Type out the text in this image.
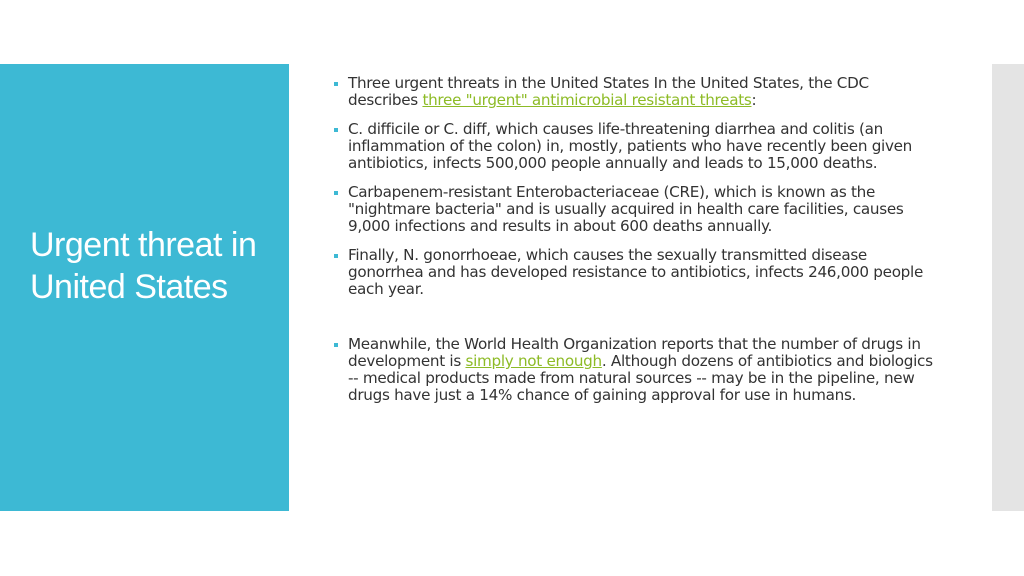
Urgent threat in United States
Three urgent threats in the United States In the United States, the CDC describes three "urgent" antimicrobial resistant threats:
C. difficile or C. diff, which causes life-threatening diarrhea and colitis (an inflammation of the colon) in, mostly, patients who have recently been given antibiotics, infects 500,000 people annually and leads to 15,000 deaths.
Carbapenem-resistant Enterobacteriaceae (CRE), which is known as the "nightmare bacteria" and is usually acquired in health care facilities, causes 9,000 infections and results in about 600 deaths annually.
Finally, N. gonorrhoeae, which causes the sexually transmitted disease gonorrhea and has developed resistance to antibiotics, infects 246,000 people each year.
Meanwhile, the World Health Organization reports that the number of drugs in development is simply not enough. Although dozens of antibiotics and biologics -- medical products made from natural sources -- may be in the pipeline, new drugs have just a 14% chance of gaining approval for use in humans.
